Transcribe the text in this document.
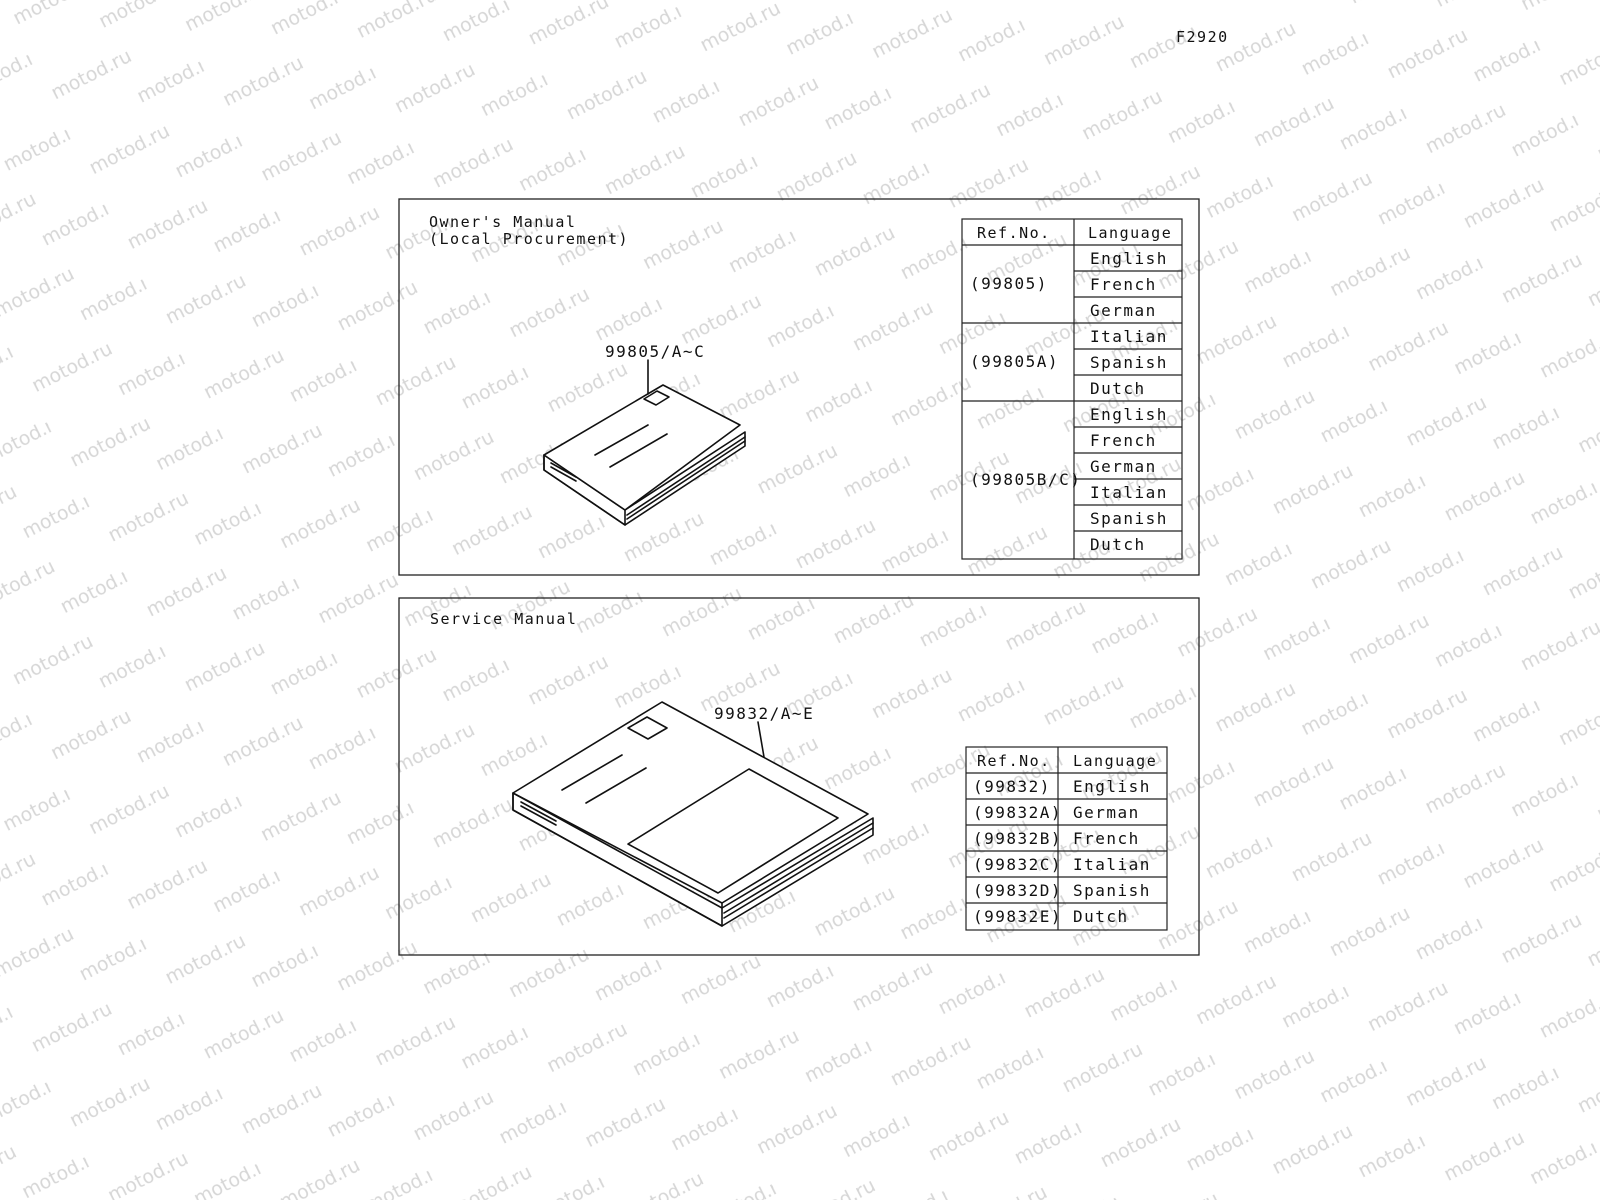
F2920
Owner's Manual
(Local Procurement)
99805/A~C
Ref.No. Language
(99805)
(99805A)
(99805B/C)
English
French
German
Italian
Spanish
Dutch
English
French
German
Italian
Spanish
Dutch
Service Manual
99832/A~E
Ref.No. Language
(99832) English
(99832A) German
(99832B) French
(99832C) Italian
(99832D) Spanish
(99832E) Dutch
